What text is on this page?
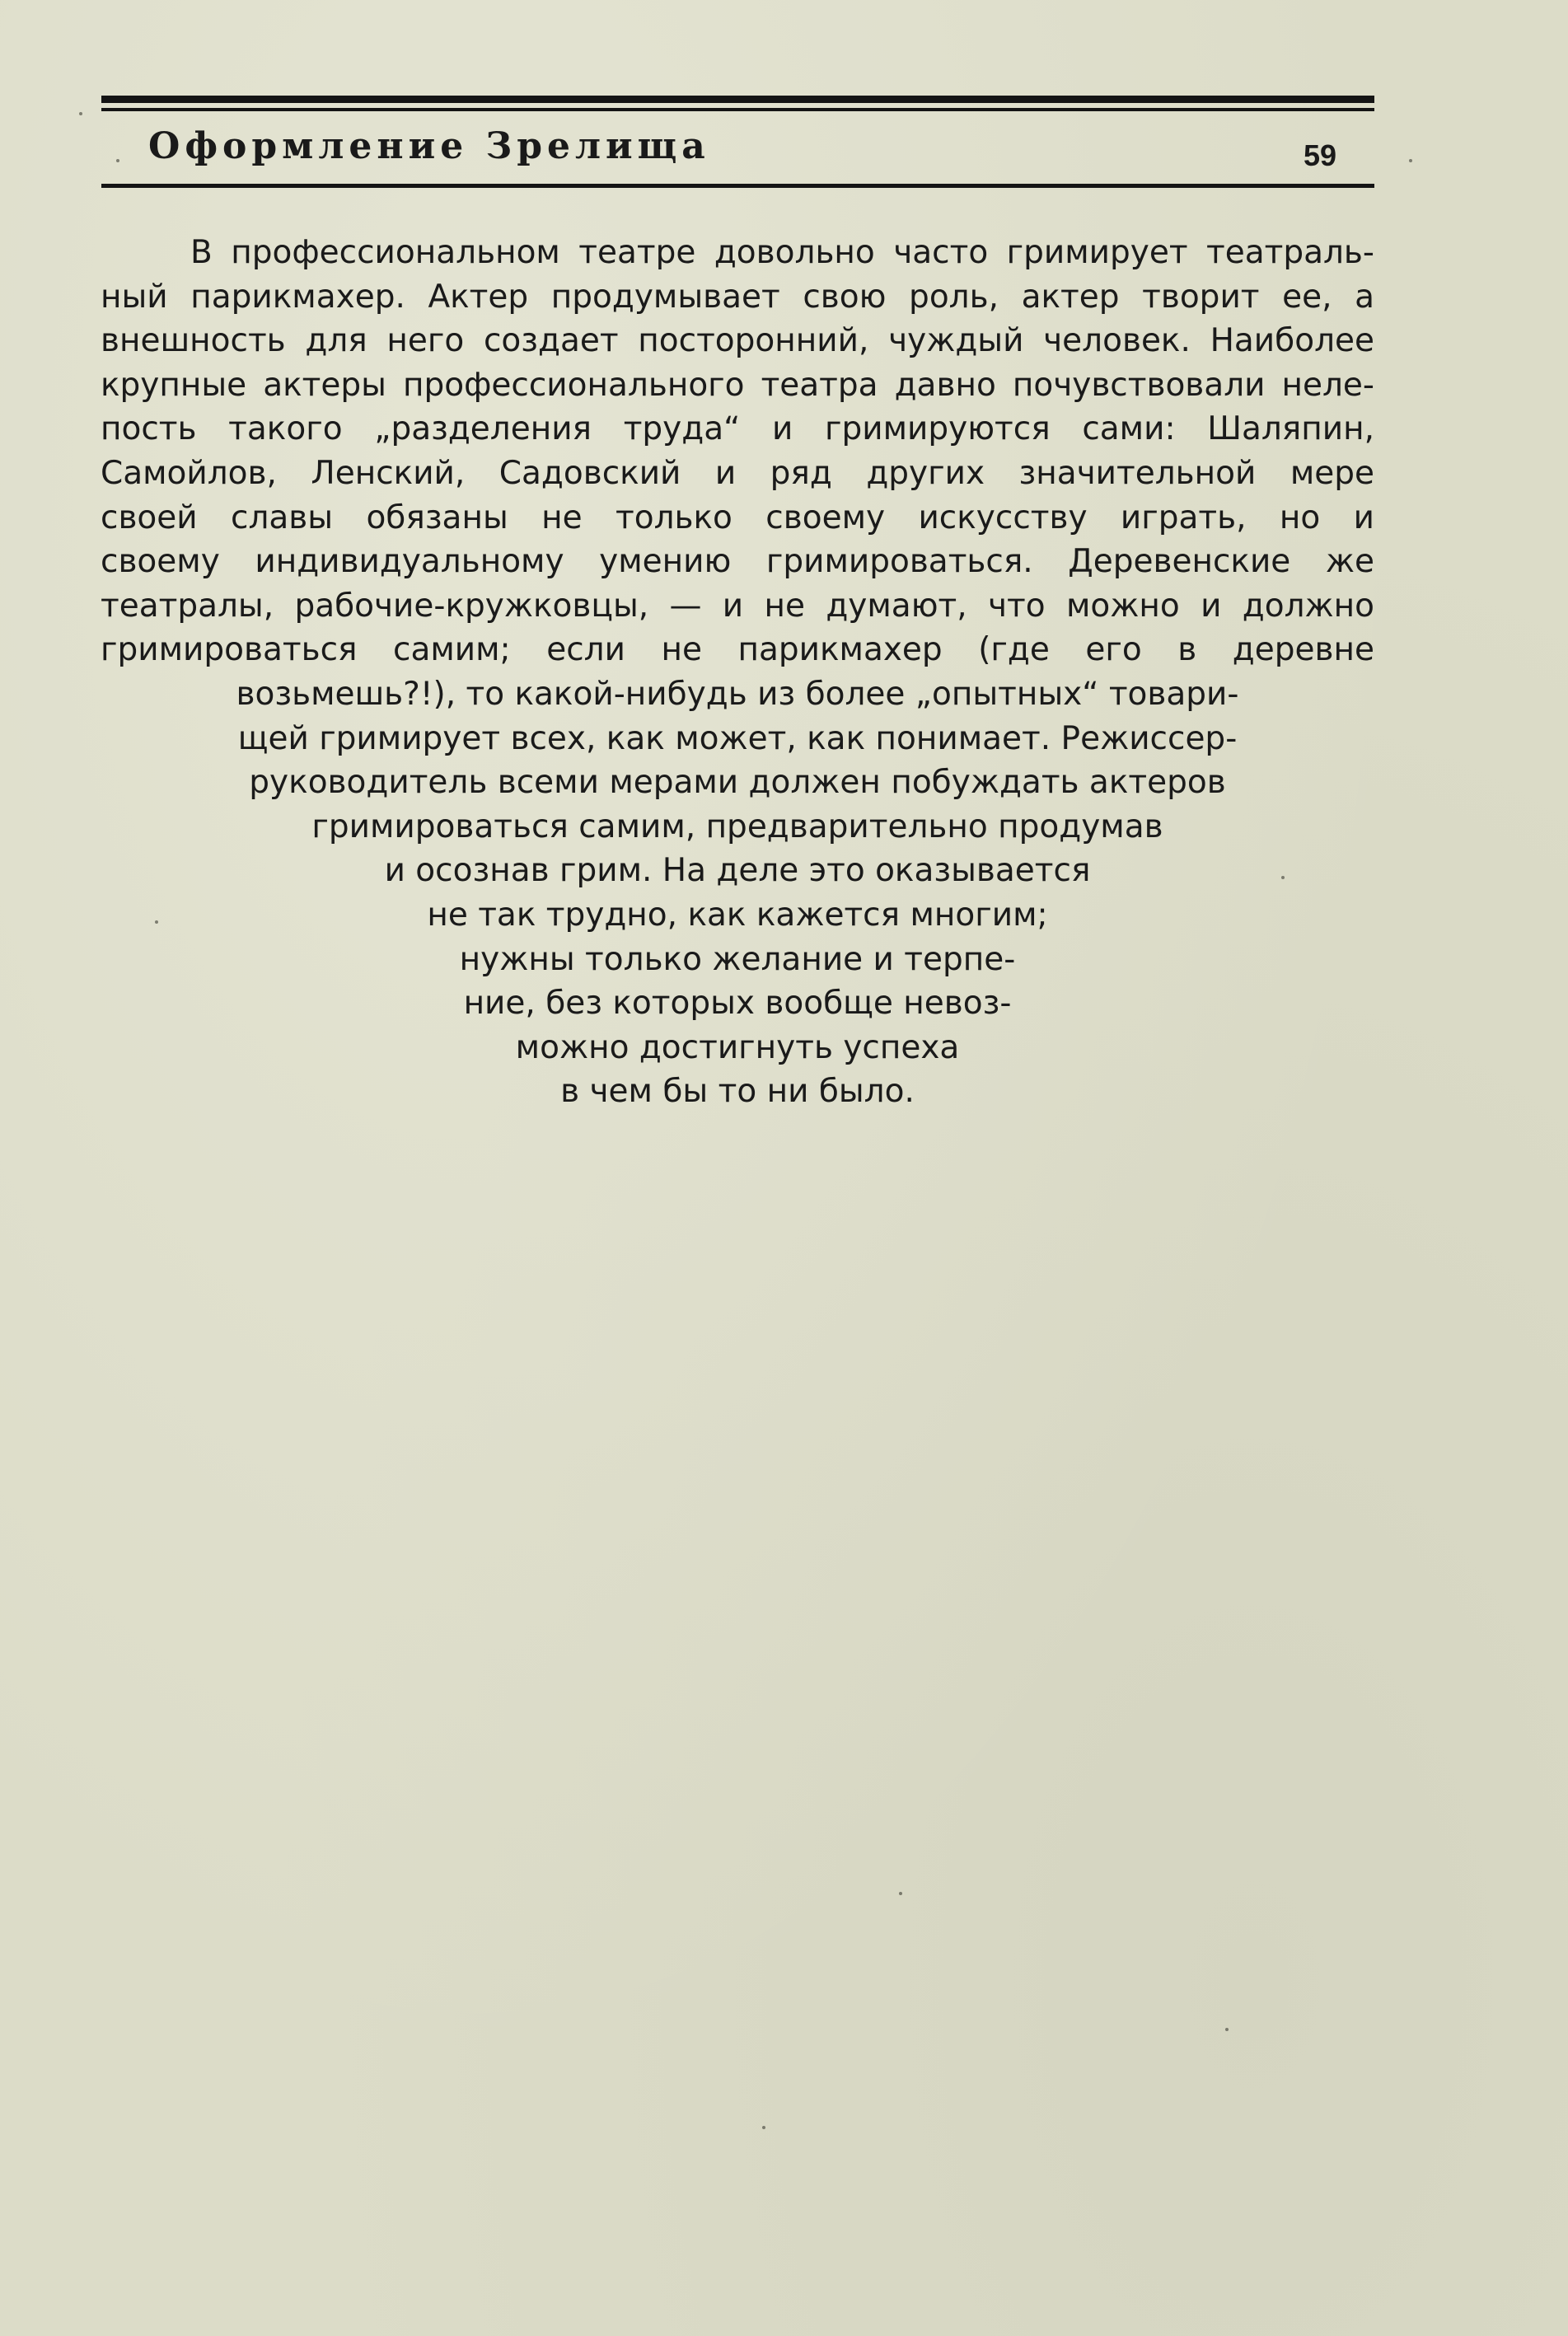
Оформление Зрелища	59
В профессиональном театре довольно часто гримирует театраль-
ный парикмахер. Актер продумывает свою роль, актер творит ее, а
внешность для него создает посторонний, чуждый человек. Наиболее
крупные актеры профессионального театра давно почувствовали неле-
пость такого „разделения труда“ и гримируются сами: Шаляпин,
Самойлов, Ленский, Садовский и ряд других значительной мере
своей славы обязаны не только своему искусству играть, но и
своему индивидуальному умению гримироваться. Деревенские же
театралы, рабочие-кружковцы, — и не думают, что можно и должно
гримироваться самим; если не парикмахер (где его в деревне
возьмешь?!), то какой-нибудь из более „опытных“ товари-
щей гримирует всех, как может, как понимает. Режиссер-
руководитель всеми мерами должен побуждать актеров
гримироваться самим, предварительно продумав
и осознав грим. На деле это оказывается
не так трудно, как кажется многим;
нужны только желание и терпе-
ние, без которых вообще невоз-
можно достигнуть успеха
в чем бы то ни было.
